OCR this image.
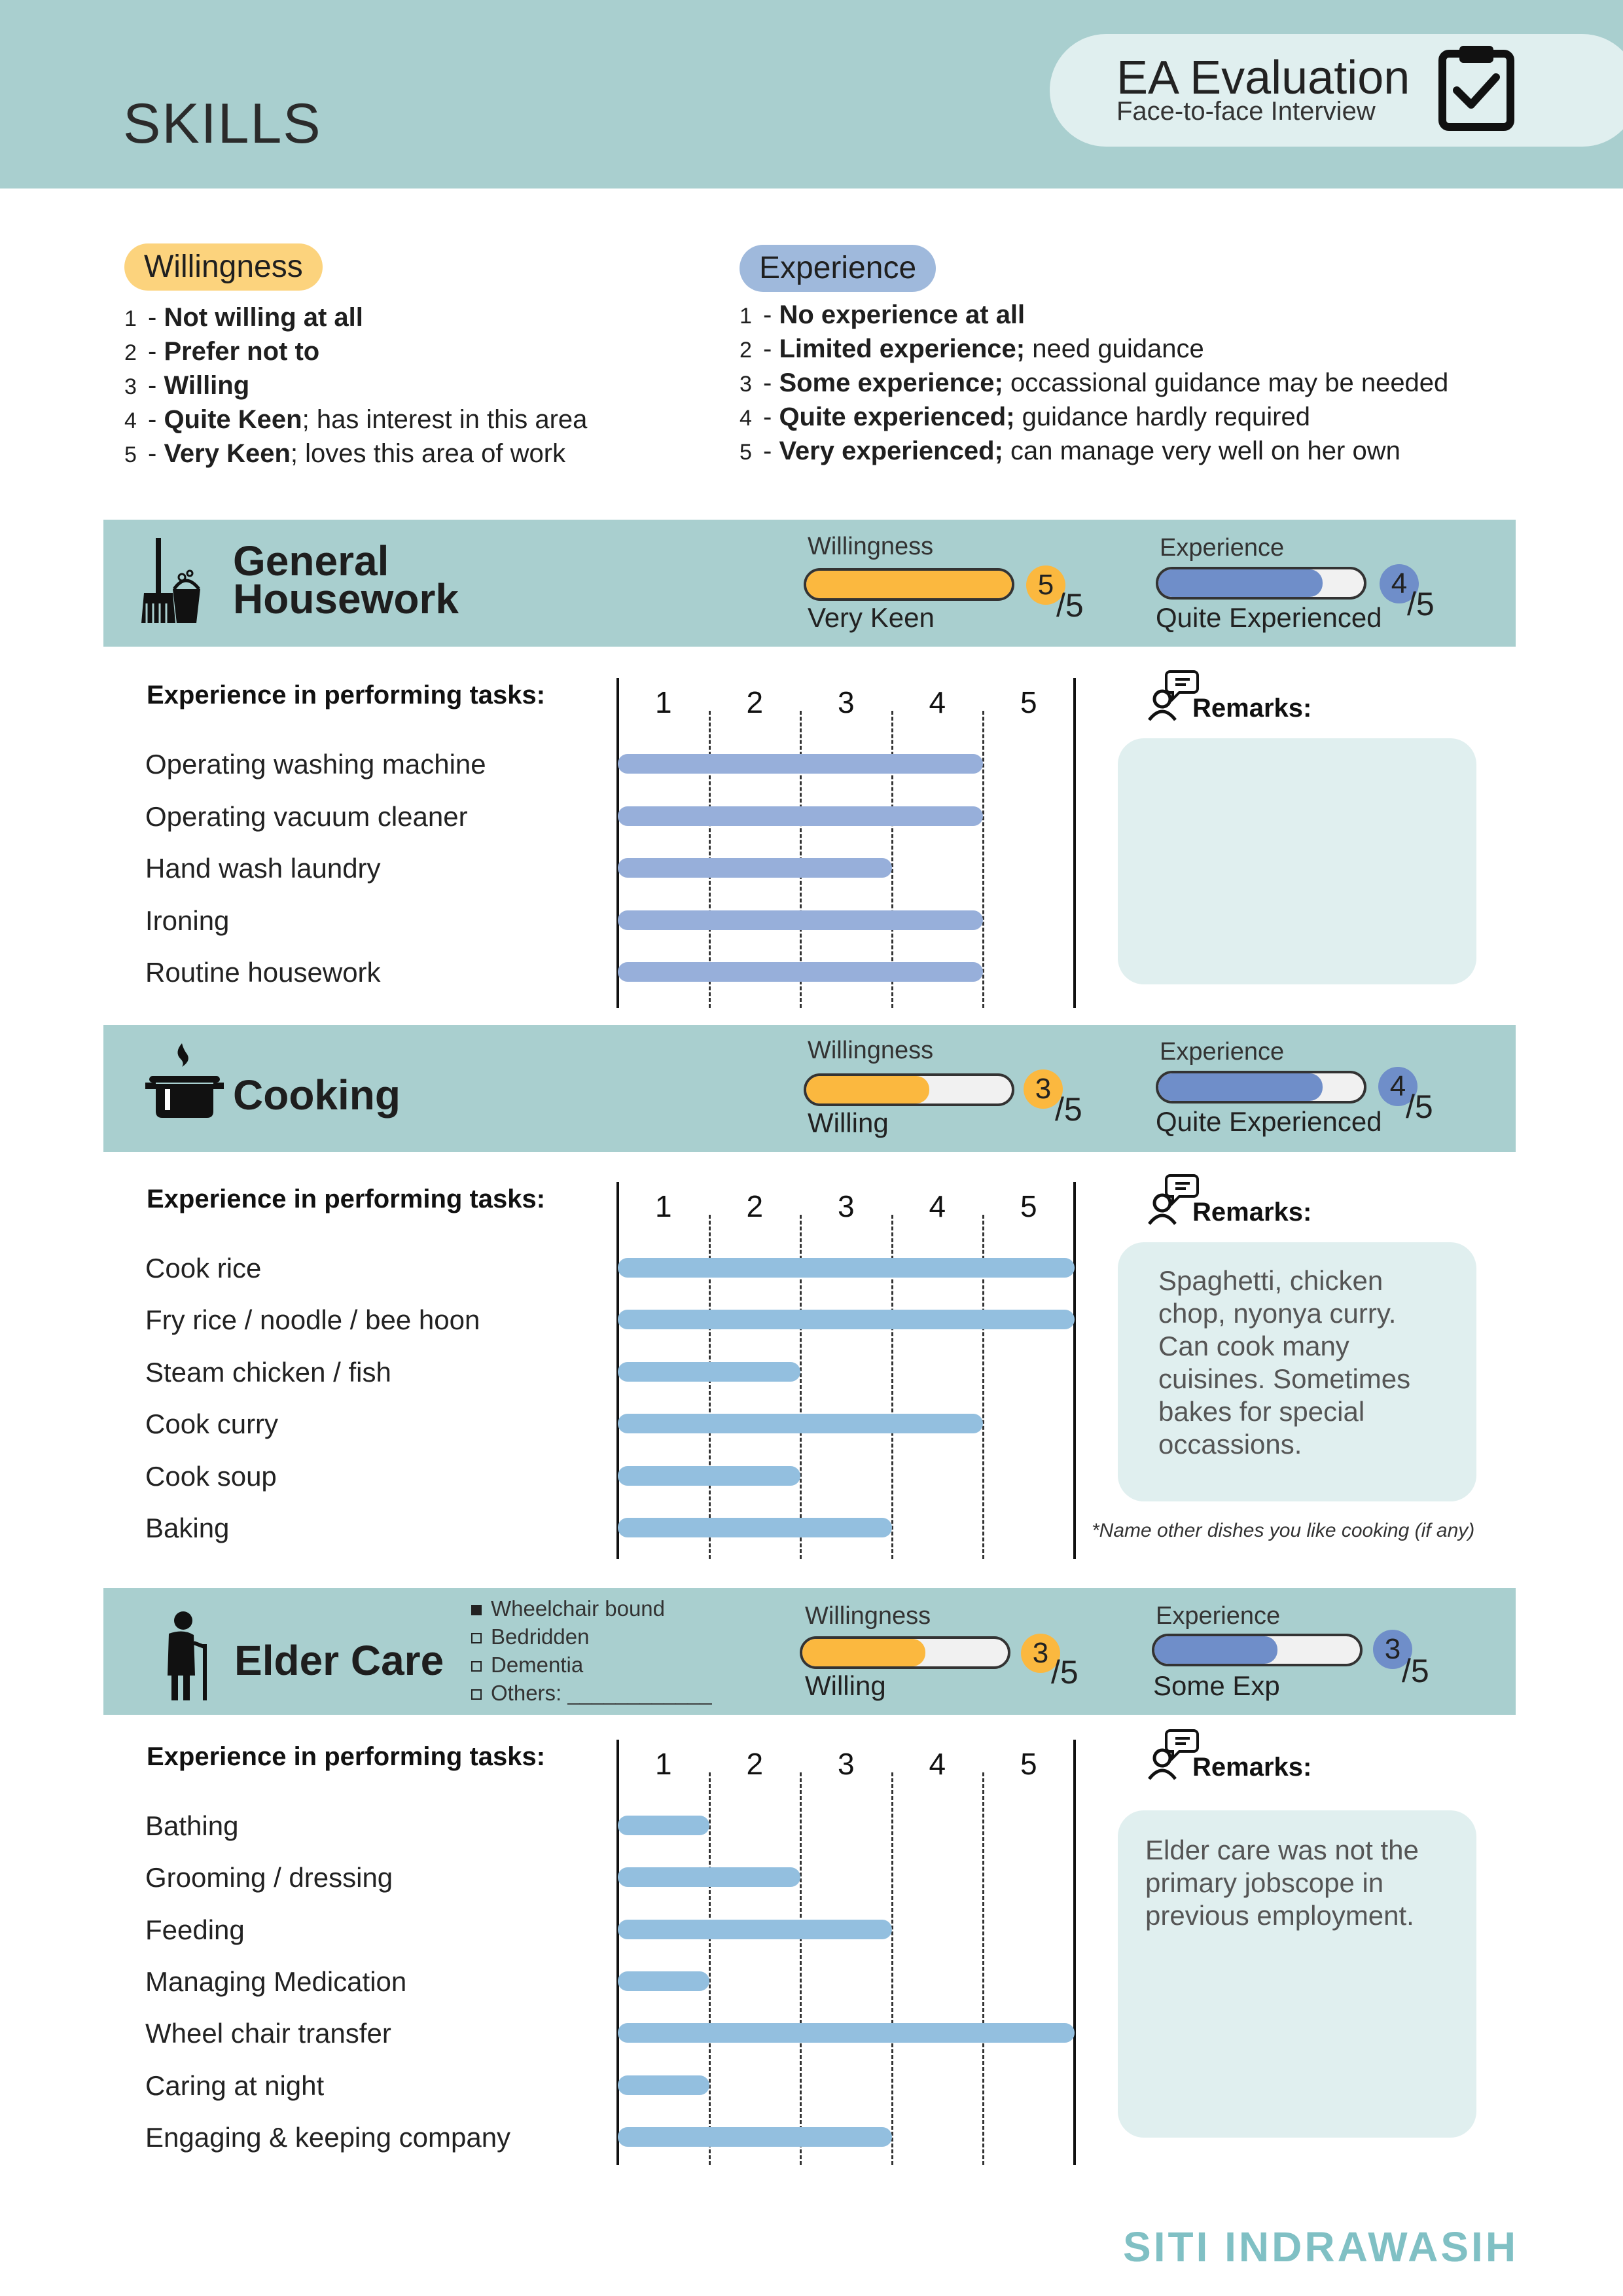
SKILLS
EA Evaluation
Face-to-face Interview
Willingness
1 - Not willing at all
2 - Prefer not to
3 - Willing
4 - Quite Keen; has interest in this area
5 - Very Keen; loves this area of work
Experience
1 - No experience at all
2 - Limited experience; need guidance
3 - Some experience; occassional guidance may be needed
4 - Quite experienced; guidance hardly required
5 - Very experienced; can manage very well on her own
General
Housework
Willingness
5
/5
Very Keen
Experience
4
/5
Quite Experienced
Experience in performing tasks:	1 2 3 4 5
Operating washing machine
Operating vacuum cleaner
Hand wash laundry
Ironing
Routine housework
Remarks:
Cooking
Willingness
3
/5
Willing
Experience
4
/5
Quite Experienced
Experience in performing tasks:	1 2 3 4 5
Cook rice
Fry rice / noodle / bee hoon
Steam chicken / fish
Cook curry
Cook soup
Baking
Remarks:
Spaghetti, chicken chop, nyonya curry. Can cook many cuisines. Sometimes bakes for special occassions.
*Name other dishes you like cooking (if any)
Elder Care
Wheelchair bound
Bedridden
Dementia
Others: ____________
Willingness
3
/5
Willing
Experience
3
/5
Some Exp
Experience in performing tasks:	1 2 3 4 5
Bathing
Grooming / dressing
Feeding
Managing Medication
Wheel chair transfer
Caring at night
Engaging & keeping company
Remarks:
Elder care was not the primary jobscope in previous employment.
SITI INDRAWASIH
